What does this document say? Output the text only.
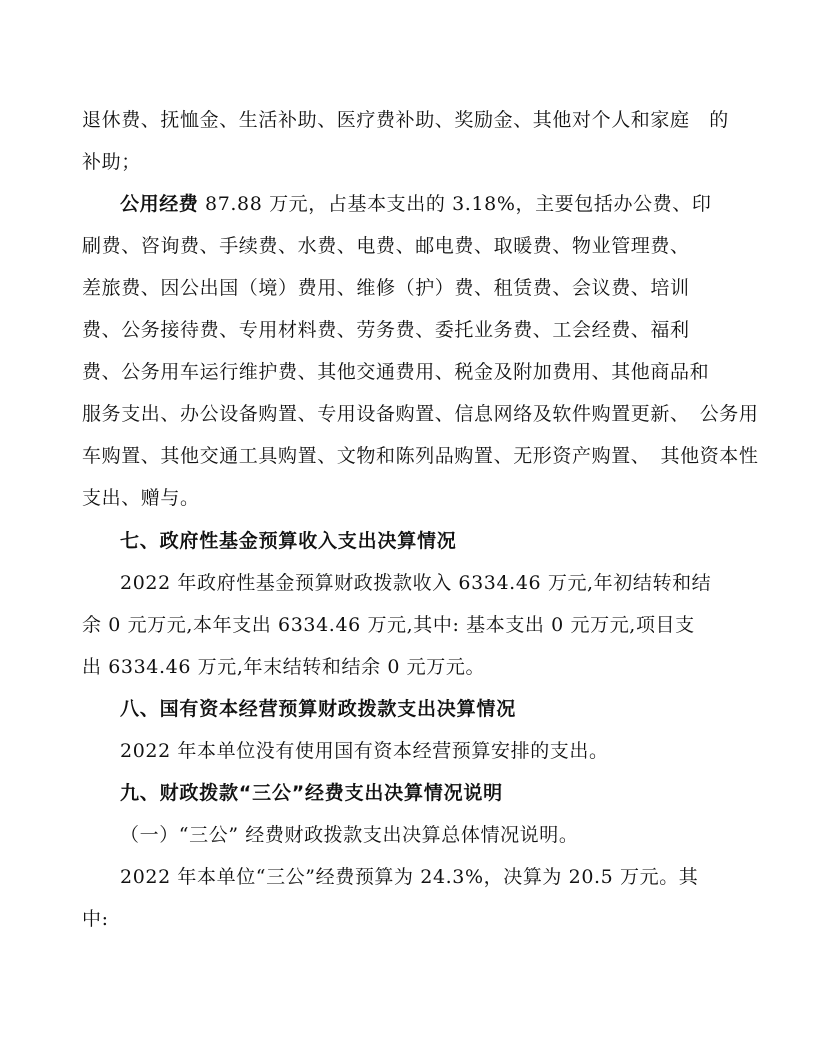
退休费、抚恤金、生活补助、医疗费补助、奖励金、其他对个人和家庭　的
补助；
公用经费 87.88 万元，占基本支出的 3.18%，主要包括办公费、印
刷费、咨询费、手续费、水费、电费、邮电费、取暖费、物业管理费、
差旅费、因公出国（境）费用、维修（护）费、租赁费、会议费、培训
费、公务接待费、专用材料费、劳务费、委托业务费、工会经费、福利
费、公务用车运行维护费、其他交通费用、税金及附加费用、其他商品和
服务支出、办公设备购置、专用设备购置、信息网络及软件购置更新、　公务用
车购置、其他交通工具购置、文物和陈列品购置、无形资产购置、　其他资本性
支出、赠与。
七、政府性基金预算收入支出决算情况
2022 年政府性基金预算财政拨款收入 6334.46 万元,年初结转和结
余 0 元万元,本年支出 6334.46 万元,其中: 基本支出 0 元万元,项目支
出 6334.46 万元,年末结转和结余 0 元万元。
八、国有资本经营预算财政拨款支出决算情况
2022 年本单位没有使用国有资本经营预算安排的支出。
九、财政拨款“三公”经费支出决算情况说明
（一）“三公” 经费财政拨款支出决算总体情况说明。
2022 年本单位“三公”经费预算为 24.3%，决算为 20.5 万元。其
中:
